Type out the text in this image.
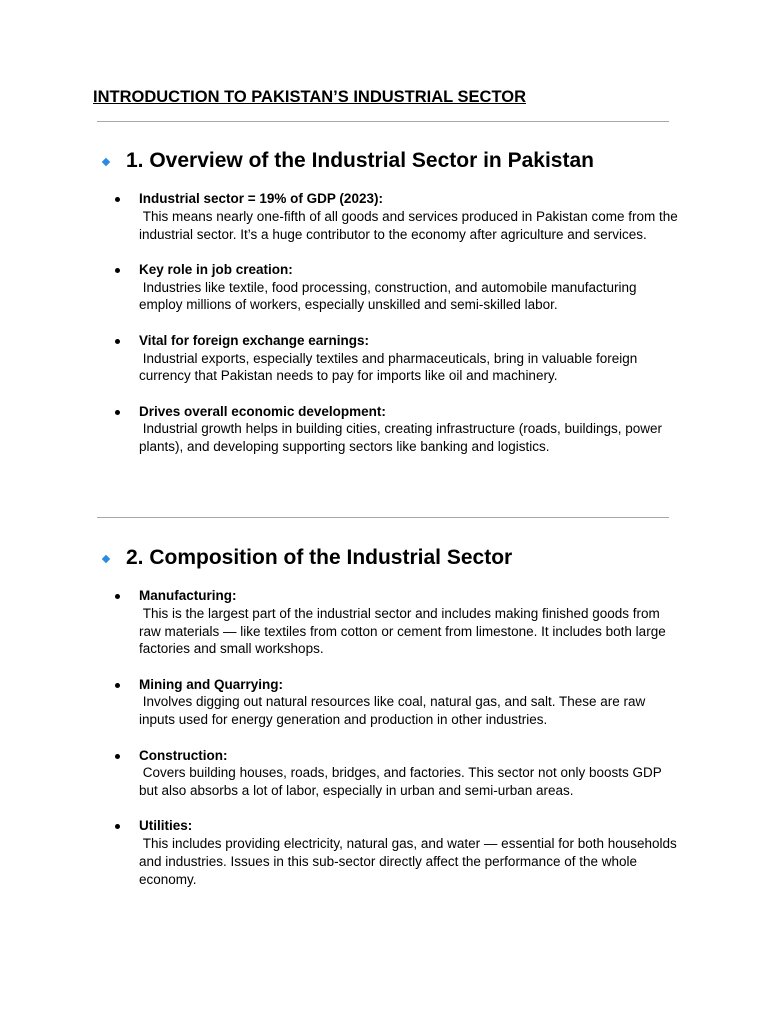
INTRODUCTION TO PAKISTAN’S INDUSTRIAL SECTOR
1. Overview of the Industrial Sector in Pakistan
Industrial sector = 19% of GDP (2023):
This means nearly one-fifth of all goods and services produced in Pakistan come from the industrial sector. It’s a huge contributor to the economy after agriculture and services.
Key role in job creation:
Industries like textile, food processing, construction, and automobile manufacturing employ millions of workers, especially unskilled and semi-skilled labor.
Vital for foreign exchange earnings:
Industrial exports, especially textiles and pharmaceuticals, bring in valuable foreign currency that Pakistan needs to pay for imports like oil and machinery.
Drives overall economic development:
Industrial growth helps in building cities, creating infrastructure (roads, buildings, power plants), and developing supporting sectors like banking and logistics.
2. Composition of the Industrial Sector
Manufacturing:
This is the largest part of the industrial sector and includes making finished goods from raw materials — like textiles from cotton or cement from limestone. It includes both large factories and small workshops.
Mining and Quarrying:
Involves digging out natural resources like coal, natural gas, and salt. These are raw inputs used for energy generation and production in other industries.
Construction:
Covers building houses, roads, bridges, and factories. This sector not only boosts GDP but also absorbs a lot of labor, especially in urban and semi-urban areas.
Utilities:
This includes providing electricity, natural gas, and water — essential for both households and industries. Issues in this sub-sector directly affect the performance of the whole economy.
